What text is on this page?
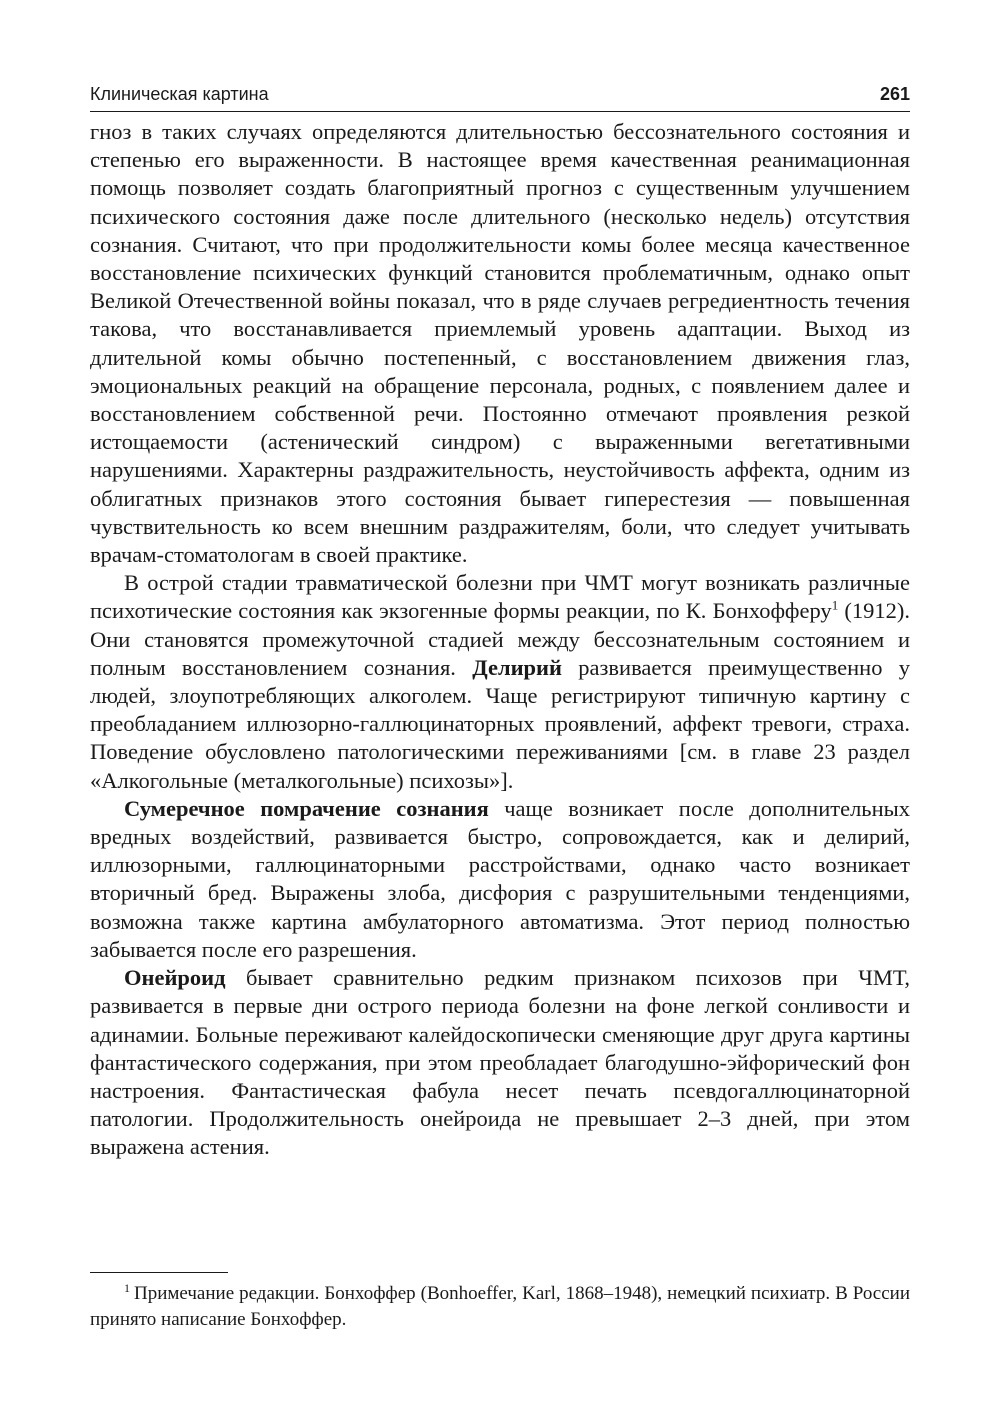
Клиническая картина	261

гноз в таких случаях определяются длительностью бессознательного состояния и степенью его выраженности. В настоящее время качественная реанимационная помощь позволяет создать благоприятный прогноз с существенным улучшением психического состояния даже после длительного (несколько недель) отсутствия сознания. Считают, что при продолжительности комы более месяца качественное восстановление психических функций становится проблематичным, однако опыт Великой Отечественной войны показал, что в ряде случаев регредиентность течения такова, что восстанавливается приемлемый уровень адаптации. Выход из длительной комы обычно постепенный, с восстановлением движения глаз, эмоциональных реакций на обращение персонала, родных, с появлением далее и восстановлением собственной речи. Постоянно отмечают проявления резкой истощаемости (астенический синдром) с выраженными вегетативными нарушениями. Характерны раздражительность, неустойчивость аффекта, одним из облигатных признаков этого состояния бывает гиперестезия — повышенная чувствительность ко всем внешним раздражителям, боли, что следует учитывать врачам-стоматологам в своей практике.

В острой стадии травматической болезни при ЧМТ могут возникать различные психотические состояния как экзогенные формы реакции, по К. Бонхофферу$^1$ (1912). Они становятся промежуточной стадией между бессознательным состоянием и полным восстановлением сознания. Делирий развивается преимущественно у людей, злоупотребляющих алкоголем. Чаще регистрируют типичную картину с преобладанием иллюзорно-галлюцинаторных проявлений, аффект тревоги, страха. Поведение обусловлено патологическими переживаниями [см. в главе 23 раздел «Алкогольные (металкогольные) психозы»].

Сумеречное помрачение сознания чаще возникает после дополнительных вредных воздействий, развивается быстро, сопровождается, как и делирий, иллюзорными, галлюцинаторными расстройствами, однако часто возникает вторичный бред. Выражены злоба, дисфория с разрушительными тенденциями, возможна также картина амбулаторного автоматизма. Этот период полностью забывается после его разрешения.

Онейроид бывает сравнительно редким признаком психозов при ЧМТ, развивается в первые дни острого периода болезни на фоне легкой сонливости и адинамии. Больные переживают калейдоскопически сменяющие друг друга картины фантастического содержания, при этом преобладает благодушно-эйфорический фон настроения. Фантастическая фабула несет печать псевдогаллюцинаторной патологии. Продолжительность онейроида не превышает 2–3 дней, при этом выражена астения.

$^1$ Примечание редакции. Бонхоффер (Bonhoeffer, Karl, 1868–1948), немецкий психиатр. В России принято написание Бонхоффер.
